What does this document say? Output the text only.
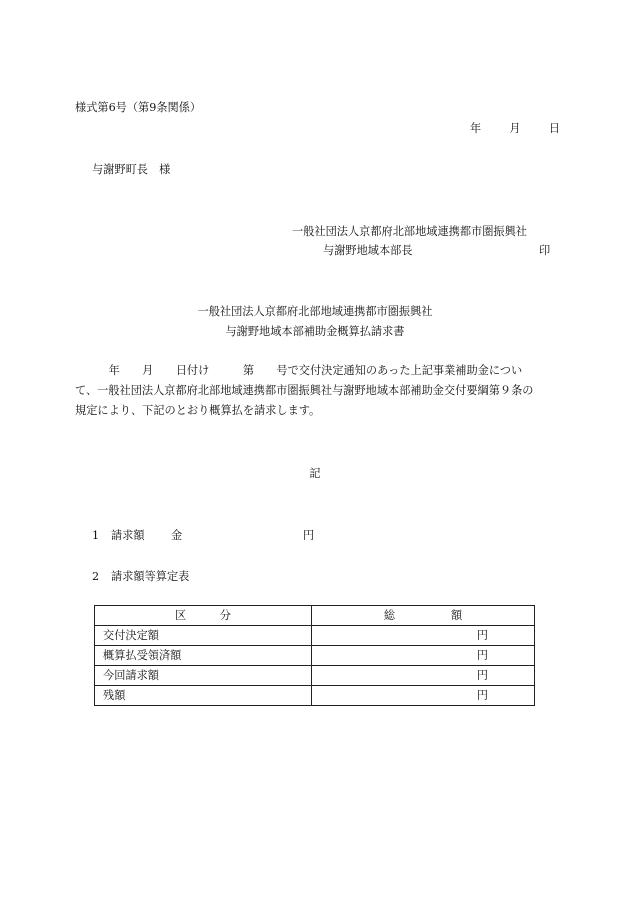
様式第6号（第9条関係）
年	月	日
与謝野町長　様
一般社団法人京都府北部地域連携都市圏振興社
与謝野地域本部長	印
一般社団法人京都府北部地域連携都市圏振興社
与謝野地域本部補助金概算払請求書
　　　年　　月　　日付け　　　第　　号で交付決定通知のあった上記事業補助金につい
て、一般社団法人京都府北部地域連携都市圏振興社与謝野地域本部補助金交付要綱第９条の
規定により、下記のとおり概算払を請求します。
記
1 請求額 金	円
2 請求額等算定表
区　　　分	総　　　　　額
交付決定額	円
概算払受領済額	円
今回請求額	円
残額	円
